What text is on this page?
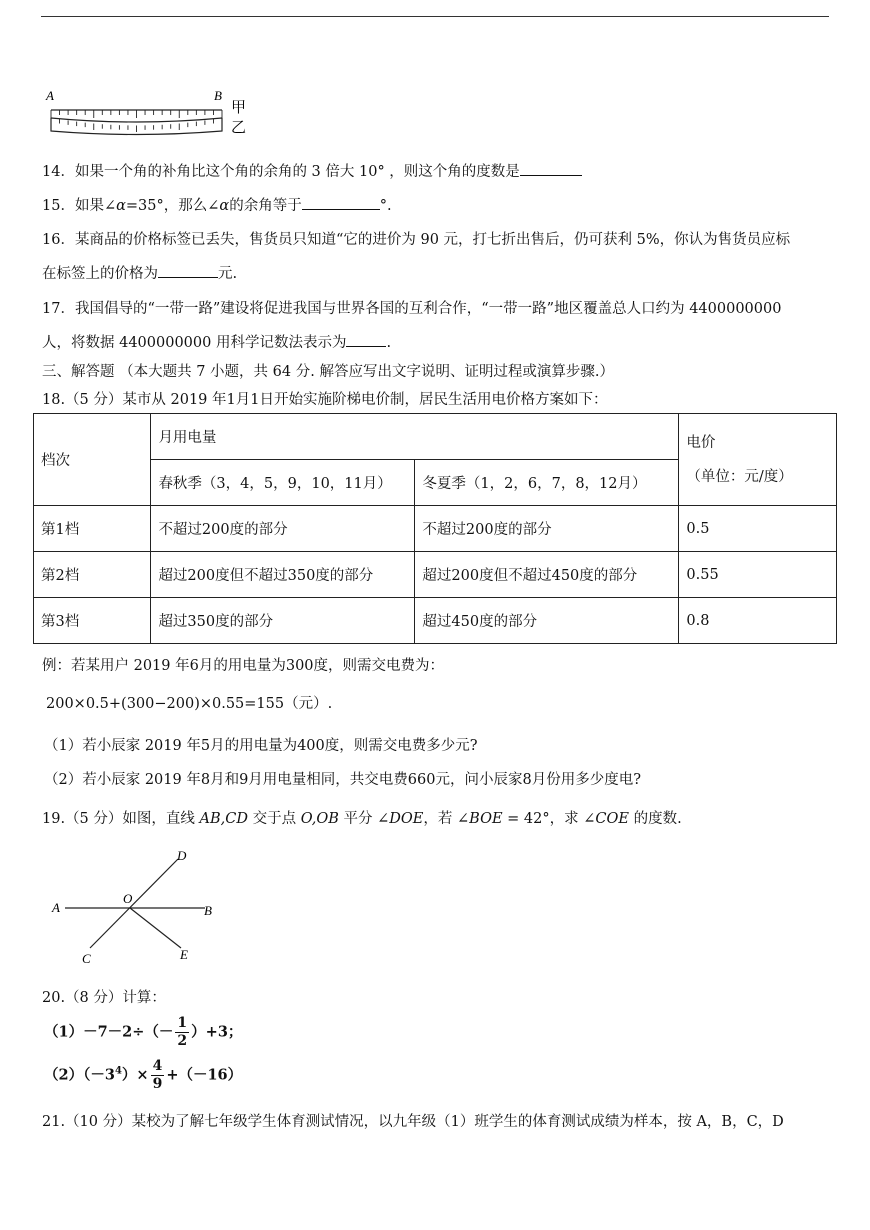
A	B
甲
乙
14．如果一个角的补角比这个角的余角的 3 倍大 10° ，则这个角的度数是
15．如果∠α=35°，那么∠α的余角等于	°.
16．某商品的价格标签已丢失，售货员只知道“它的进价为 90 元，打七折出售后，仍可获利 5%，你认为售货员应标
在标签上的价格为	元.
17．我国倡导的“一带一路”建设将促进我国与世界各国的互利合作，“一带一路”地区覆盖总人口约为 4400000000
人，将数据 4400000000 用科学记数法表示为	.
三、解答题 （本大题共 7 小题，共 64 分. 解答应写出文字说明、证明过程或演算步骤.）
18.（5 分）某市从 2019 年1月1日开始实施阶梯电价制，居民生活用电价格方案如下：
档次	月用电量		电价
（单位：元/度）

	春秋季（3，4，5，9，10，11月）	冬夏季（1，2，6，7，8，12月）	
第1档	不超过200度的部分	不超过200度的部分	0.5
第2档	超过200度但不超过350度的部分	超过200度但不超过450度的部分	0.55
第3档	超过350度的部分	超过450度的部分	0.8
例：若某用户 2019 年6月的用电量为300度，则需交电费为：
200×0.5+(300−200)×0.55=155（元）.
（1）若小辰家 2019 年5月的用电量为400度，则需交电费多少元?
（2）若小辰家 2019 年8月和9月用电量相同，共交电费660元，问小辰家8月份用多少度电?
19.（5 分）如图，直线 AB,CD 交于点 O,OB 平分 ∠DOE，若 ∠BOE = 42°，求 ∠COE 的度数.
A	B
C
D
E
O
20.（8 分）计算：
$(1)-7-2\div(- \frac{1}{2} )+3$；
$(2)(-3^4)\times \frac{4}{9} +(-16)$
21.（10 分）某校为了解七年级学生体育测试情况，以九年级（1）班学生的体育测试成绩为样本，按 A，B，C，D
